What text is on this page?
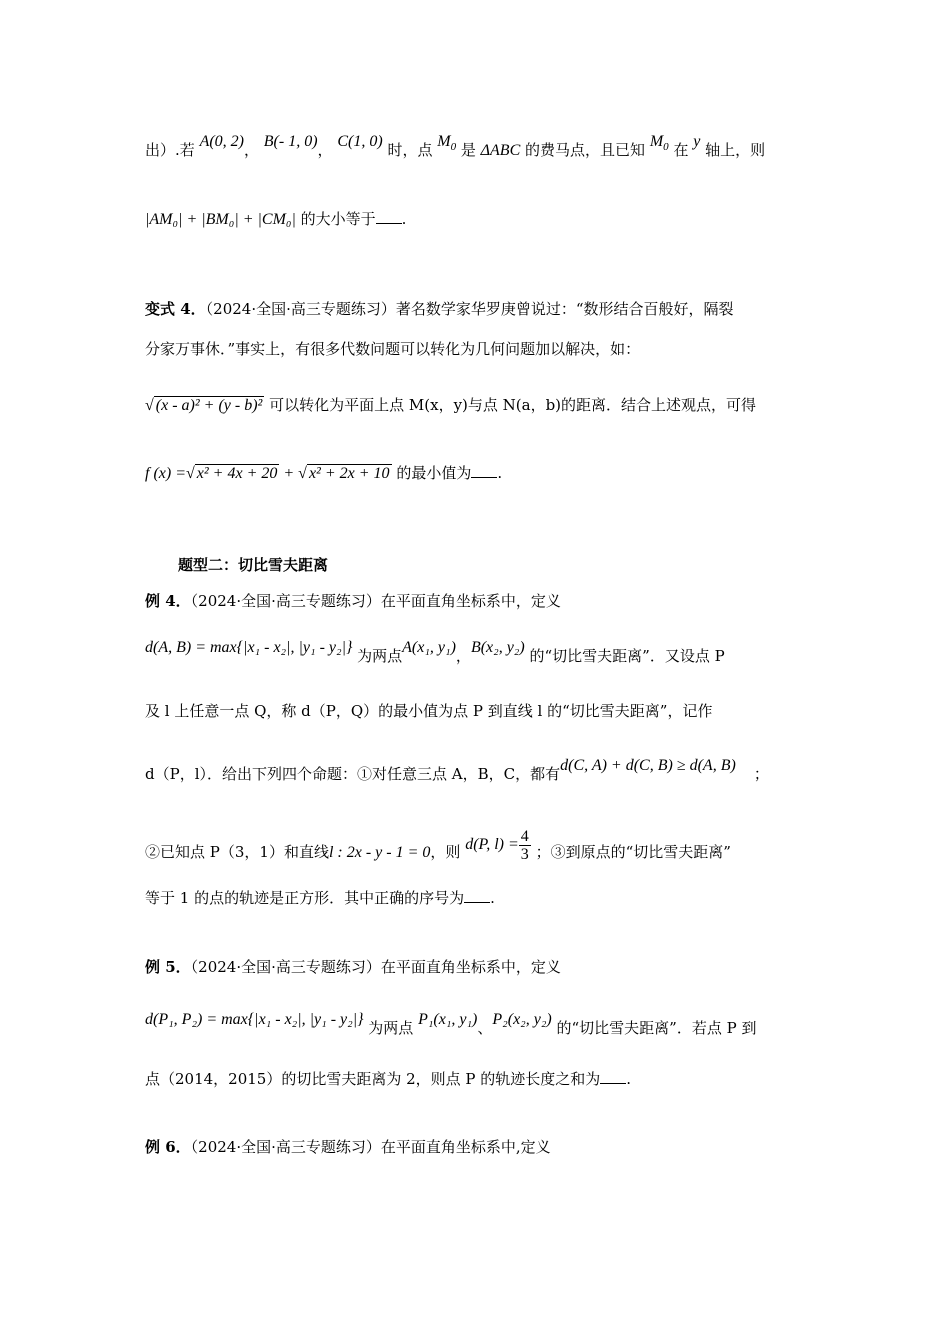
出）.若 A(0, 2)， B(- 1, 0)， C(1, 0) 时，点 $M_0$ 是 ΔABC 的费马点，且已知 $M_0$ 在 y 轴上，则
|AM₀| + |BM₀| + |CM₀| 的大小等于 .
变式 4．（2024·全国·高三专题练习）著名数学家华罗庚曾说过：“数形结合百般好，隔裂
分家万事休．”事实上，有很多代数问题可以转化为几何问题加以解决，如：
√ (x - a)² + (y - b)² 可以转化为平面上点 M(x，y)与点 N(a，b)的距离．结合上述观点，可得
f (x) =√ x² + 4x + 20 + √ x² + 2x + 10 的最小值为 .
题型二：切比雪夫距离
例 4．（2024·全国·高三专题练习）在平面直角坐标系中，定义
d(A, B) = max{|x₁ - x₂|, |y₁ - y₂|} 为两点A(x₁, y₁)，B(x₂, y₂) 的“切比雪夫距离”．又设点 P
及 l 上任意一点 Q，称 d（P，Q）的最小值为点 P 到直线 l 的“切比雪夫距离”，记作
d（P，l）．给出下列四个命题：①对任意三点 A，B，C，都有d(C, A) + d(C, B) ≥ d(A, B) ；
②已知点 P（3，1）和直线l : 2x - y - 1 = 0，则 d(P, $l) = \frac{4}{3}$ ；③到原点的“切比雪夫距离”
等于 1 的点的轨迹是正方形．其中正确的序号为 .
例 5．（2024·全国·高三专题练习）在平面直角坐标系中，定义
d(P₁, P₂) = max{|x₁ - x₂|, |y₁ - y₂|} 为两点 P₁(x₁, y₁)、P₂(x₂, y₂) 的“切比雪夫距离”．若点 P 到
点（2014，2015）的切比雪夫距离为 2，则点 P 的轨迹长度之和为 .
例 6．（2024·全国·高三专题练习）在平面直角坐标系中,定义
